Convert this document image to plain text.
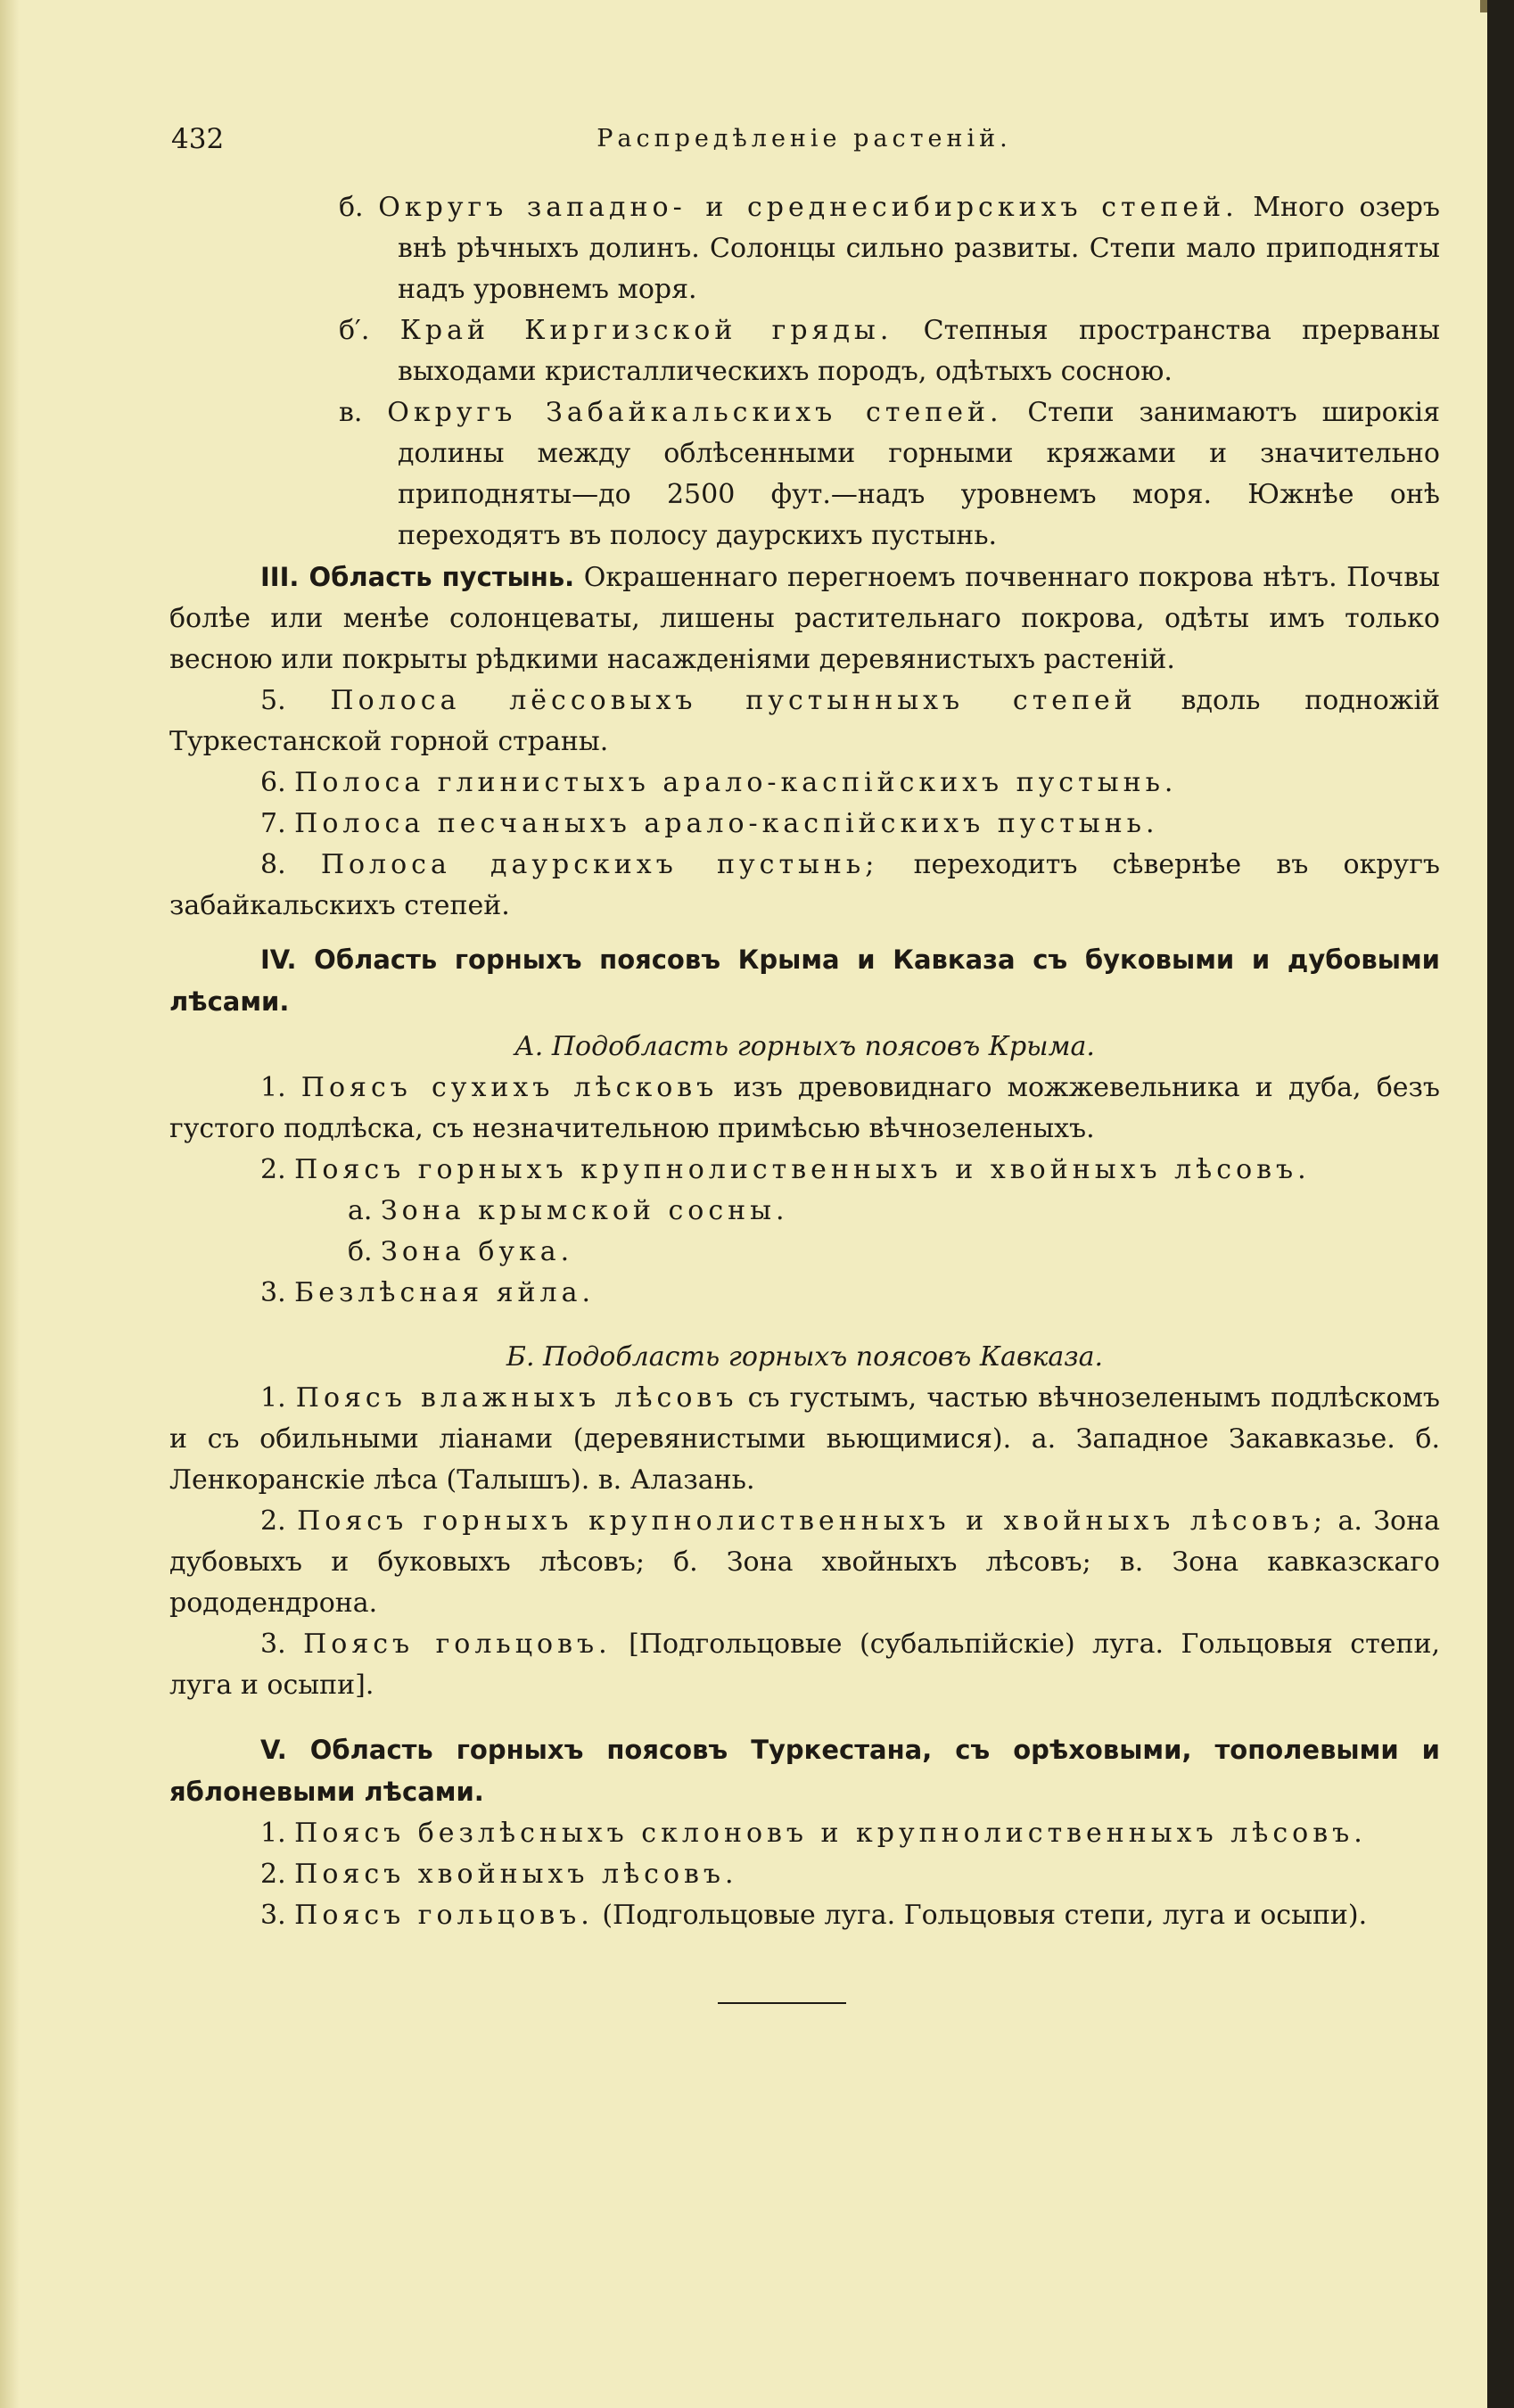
432	Распредѣленіе растеній.

б. Округъ западно- и среднесибирскихъ степей. Много озеръ внѣ рѣчныхъ долинъ. Солонцы сильно развиты. Степи мало приподняты надъ уровнемъ моря.

б′. Край Киргизской гряды. Степныя пространства прерваны выходами кристаллическихъ породъ, одѣтыхъ сосною.

в. Округъ Забайкальскихъ степей. Степи занимаютъ широкія долины между облѣсенными горными кряжами и значительно приподняты—до 2500 фут.—надъ уровнемъ моря. Южнѣе онѣ переходятъ въ полосу даурскихъ пустынь.

III. Область пустынь. Окрашеннаго перегноемъ почвеннаго покрова нѣтъ. Почвы болѣе или менѣе солонцеваты, лишены растительнаго покрова, одѣты имъ только весною или покрыты рѣдкими насажденіями деревянистыхъ растеній.

5. Полоса лёссовыхъ пустынныхъ степей вдоль подножій Туркестанской горной страны.

6. Полоса глинистыхъ арало-каспійскихъ пустынь.

7. Полоса песчаныхъ арало-каспійскихъ пустынь.

8. Полоса даурскихъ пустынь; переходитъ сѣвернѣе въ округъ забайкальскихъ степей.

IV. Область горныхъ поясовъ Крыма и Кавказа съ буковыми и дубовыми лѣсами.

А. Подобласть горныхъ поясовъ Крыма.

1. Поясъ сухихъ лѣсковъ изъ древовиднаго можжевельника и дуба, безъ густого подлѣска, съ незначительною примѣсью вѣчнозеленыхъ.

2. Поясъ горныхъ крупнолиственныхъ и хвойныхъ лѣсовъ.

а. Зона крымской сосны.

б. Зона бука.

3. Безлѣсная яйла.

Б. Подобласть горныхъ поясовъ Кавказа.

1. Поясъ влажныхъ лѣсовъ съ густымъ, частью вѣчнозеленымъ подлѣскомъ и съ обильными ліанами (деревянистыми вьющимися). а. Западное Закавказье. б. Ленкоранскіе лѣса (Талышъ). в. Алазань.

2. Поясъ горныхъ крупнолиственныхъ и хвойныхъ лѣсовъ; а. Зона дубовыхъ и буковыхъ лѣсовъ; б. Зона хвойныхъ лѣсовъ; в. Зона кавказскаго рододендрона.

3. Поясъ гольцовъ. [Подгольцовые (субальпійскіе) луга. Гольцовыя степи, луга и осыпи].

V. Область горныхъ поясовъ Туркестана, съ орѣховыми, тополевыми и яблоневыми лѣсами.

1. Поясъ безлѣсныхъ склоновъ и крупнолиственныхъ лѣсовъ.

2. Поясъ хвойныхъ лѣсовъ.

3. Поясъ гольцовъ. (Подгольцовые луга. Гольцовыя степи, луга и осыпи).
